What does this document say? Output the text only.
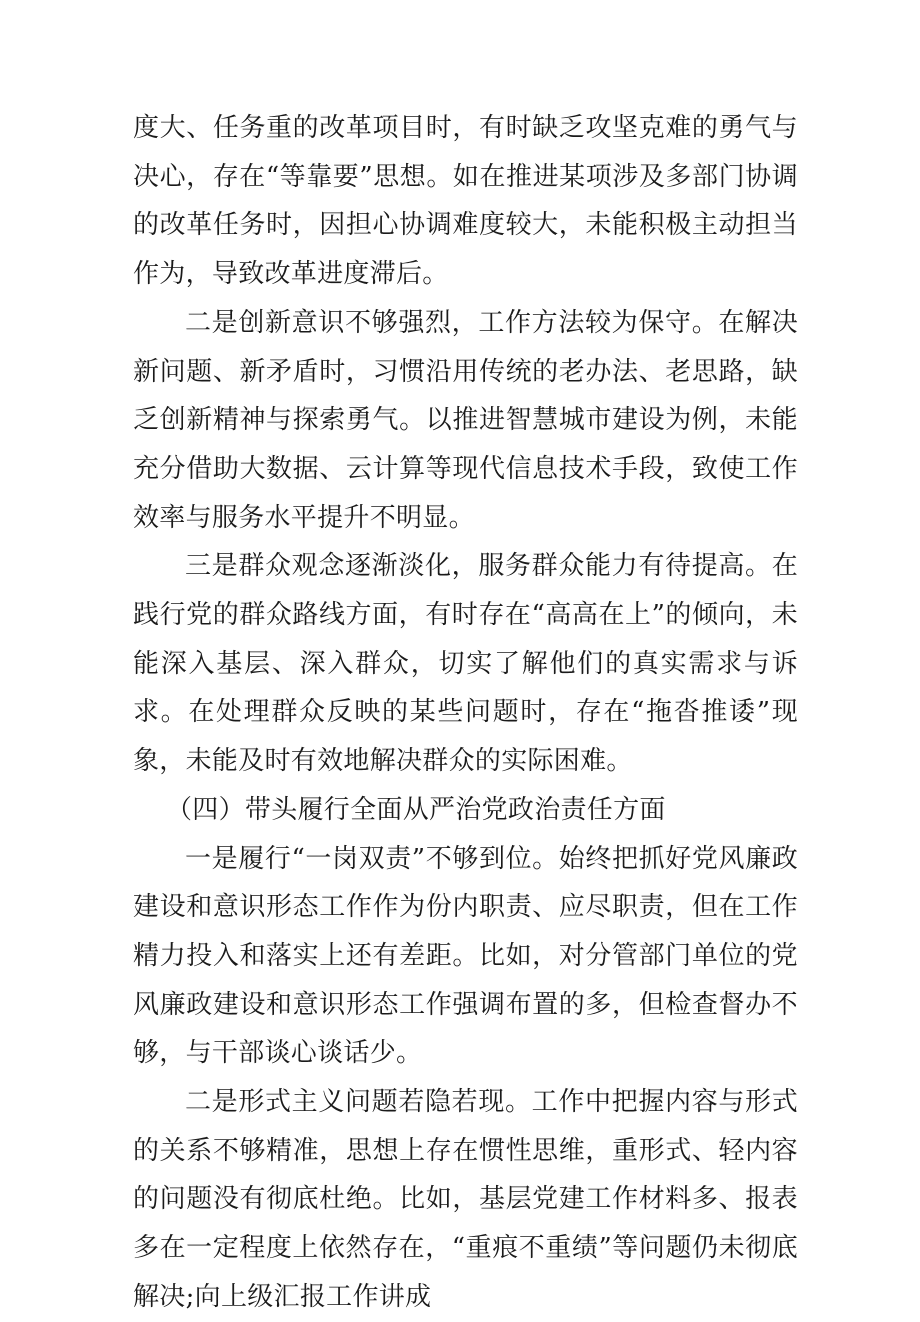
度大、任务重的改革项目时，有时缺乏攻坚克难的勇气与决心，存在“等靠要”思想。如在推进某项涉及多部门协调的改革任务时，因担心协调难度较大，未能积极主动担当作为，导致改革进度滞后。

二是创新意识不够强烈，工作方法较为保守。在解决新问题、新矛盾时，习惯沿用传统的老办法、老思路，缺乏创新精神与探索勇气。以推进智慧城市建设为例，未能充分借助大数据、云计算等现代信息技术手段，致使工作效率与服务水平提升不明显。

三是群众观念逐渐淡化，服务群众能力有待提高。在践行党的群众路线方面，有时存在“高高在上”的倾向，未能深入基层、深入群众，切实了解他们的真实需求与诉求。在处理群众反映的某些问题时，存在“拖沓推诿”现象，未能及时有效地解决群众的实际困难。

（四）带头履行全面从严治党政治责任方面

一是履行“一岗双责”不够到位。始终把抓好党风廉政建设和意识形态工作作为份内职责、应尽职责，但在工作精力投入和落实上还有差距。比如，对分管部门单位的党风廉政建设和意识形态工作强调布置的多，但检查督办不够，与干部谈心谈话少。

二是形式主义问题若隐若现。工作中把握内容与形式的关系不够精准，思想上存在惯性思维，重形式、轻内容的问题没有彻底杜绝。比如，基层党建工作材料多、报表多在一定程度上依然存在，“重痕不重绩”等问题仍未彻底解决;向上级汇报工作讲成
